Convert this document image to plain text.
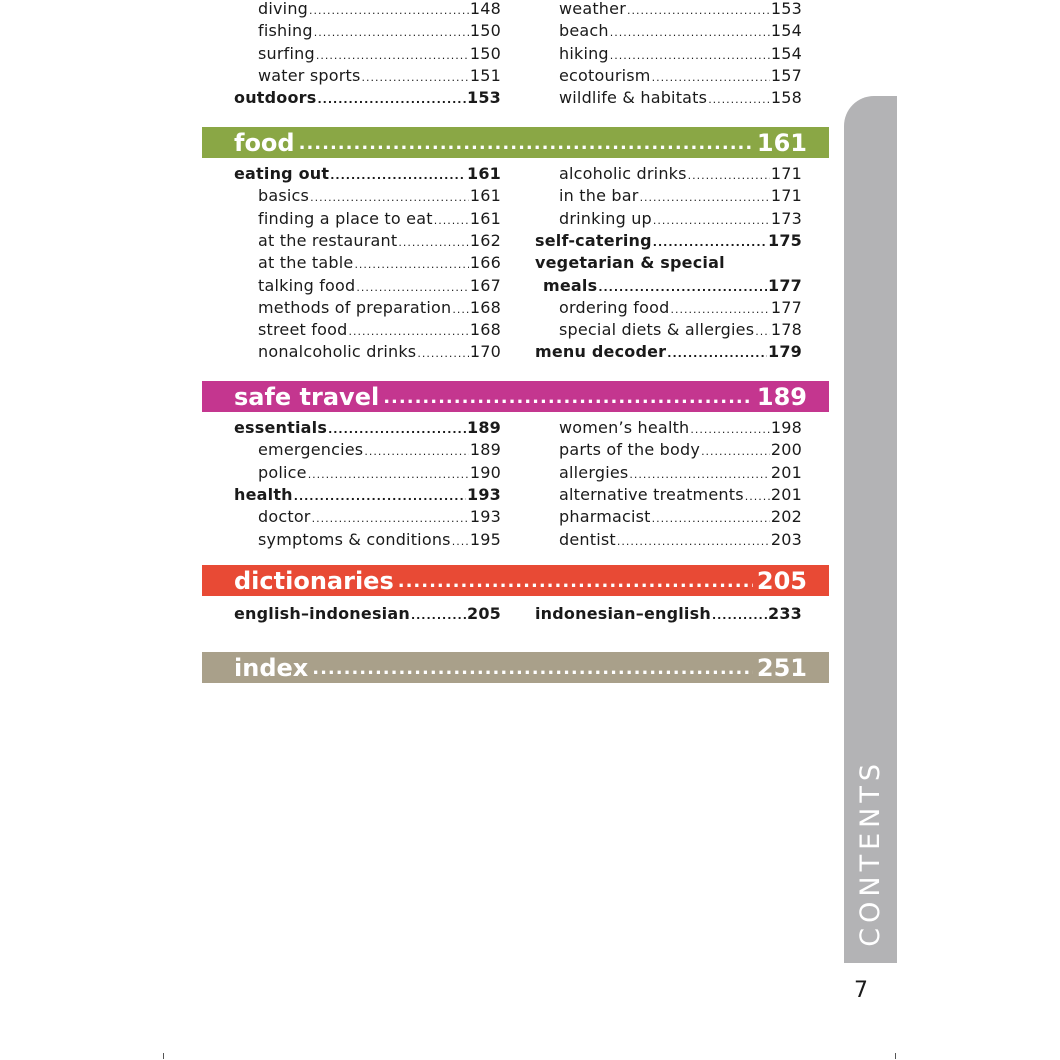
diving .....	148
fishing .....	150
surfing .....	150
water sports .....	151
outdoors .....	153
weather .....	153
beach .....	154
hiking .....	154
ecotourism .....	157
wildlife & habitats .....	158
food .....	161
eating out .....	161
basics .....	161
finding a place to eat ..... 161
at the restaurant .....	162
at the table .....	166
talking food .....	167
methods of preparation ..... 168
street food .....	168
nonalcoholic drinks .....	170
alcoholic drinks .....	171
in the bar .....	171
drinking up .....	173
self-catering .....	175
vegetarian & special
meals .....	177
ordering food .....	177
special diets & allergies ..... 178
menu decoder .....	179
safe travel .....	189
essentials .....	189
emergencies .....	189
police .....	190
health .....	193
doctor .....	193
symptoms & conditions ..... 195
women’s health .....	198
parts of the body .....	200
allergies .....	201
alternative treatments ..... 201
pharmacist .....	202
dentist .....	203
dictionaries .....	205
english–indonesian .....	205 indonesian–english .....	233
index .....	251
CONTENTS
7
